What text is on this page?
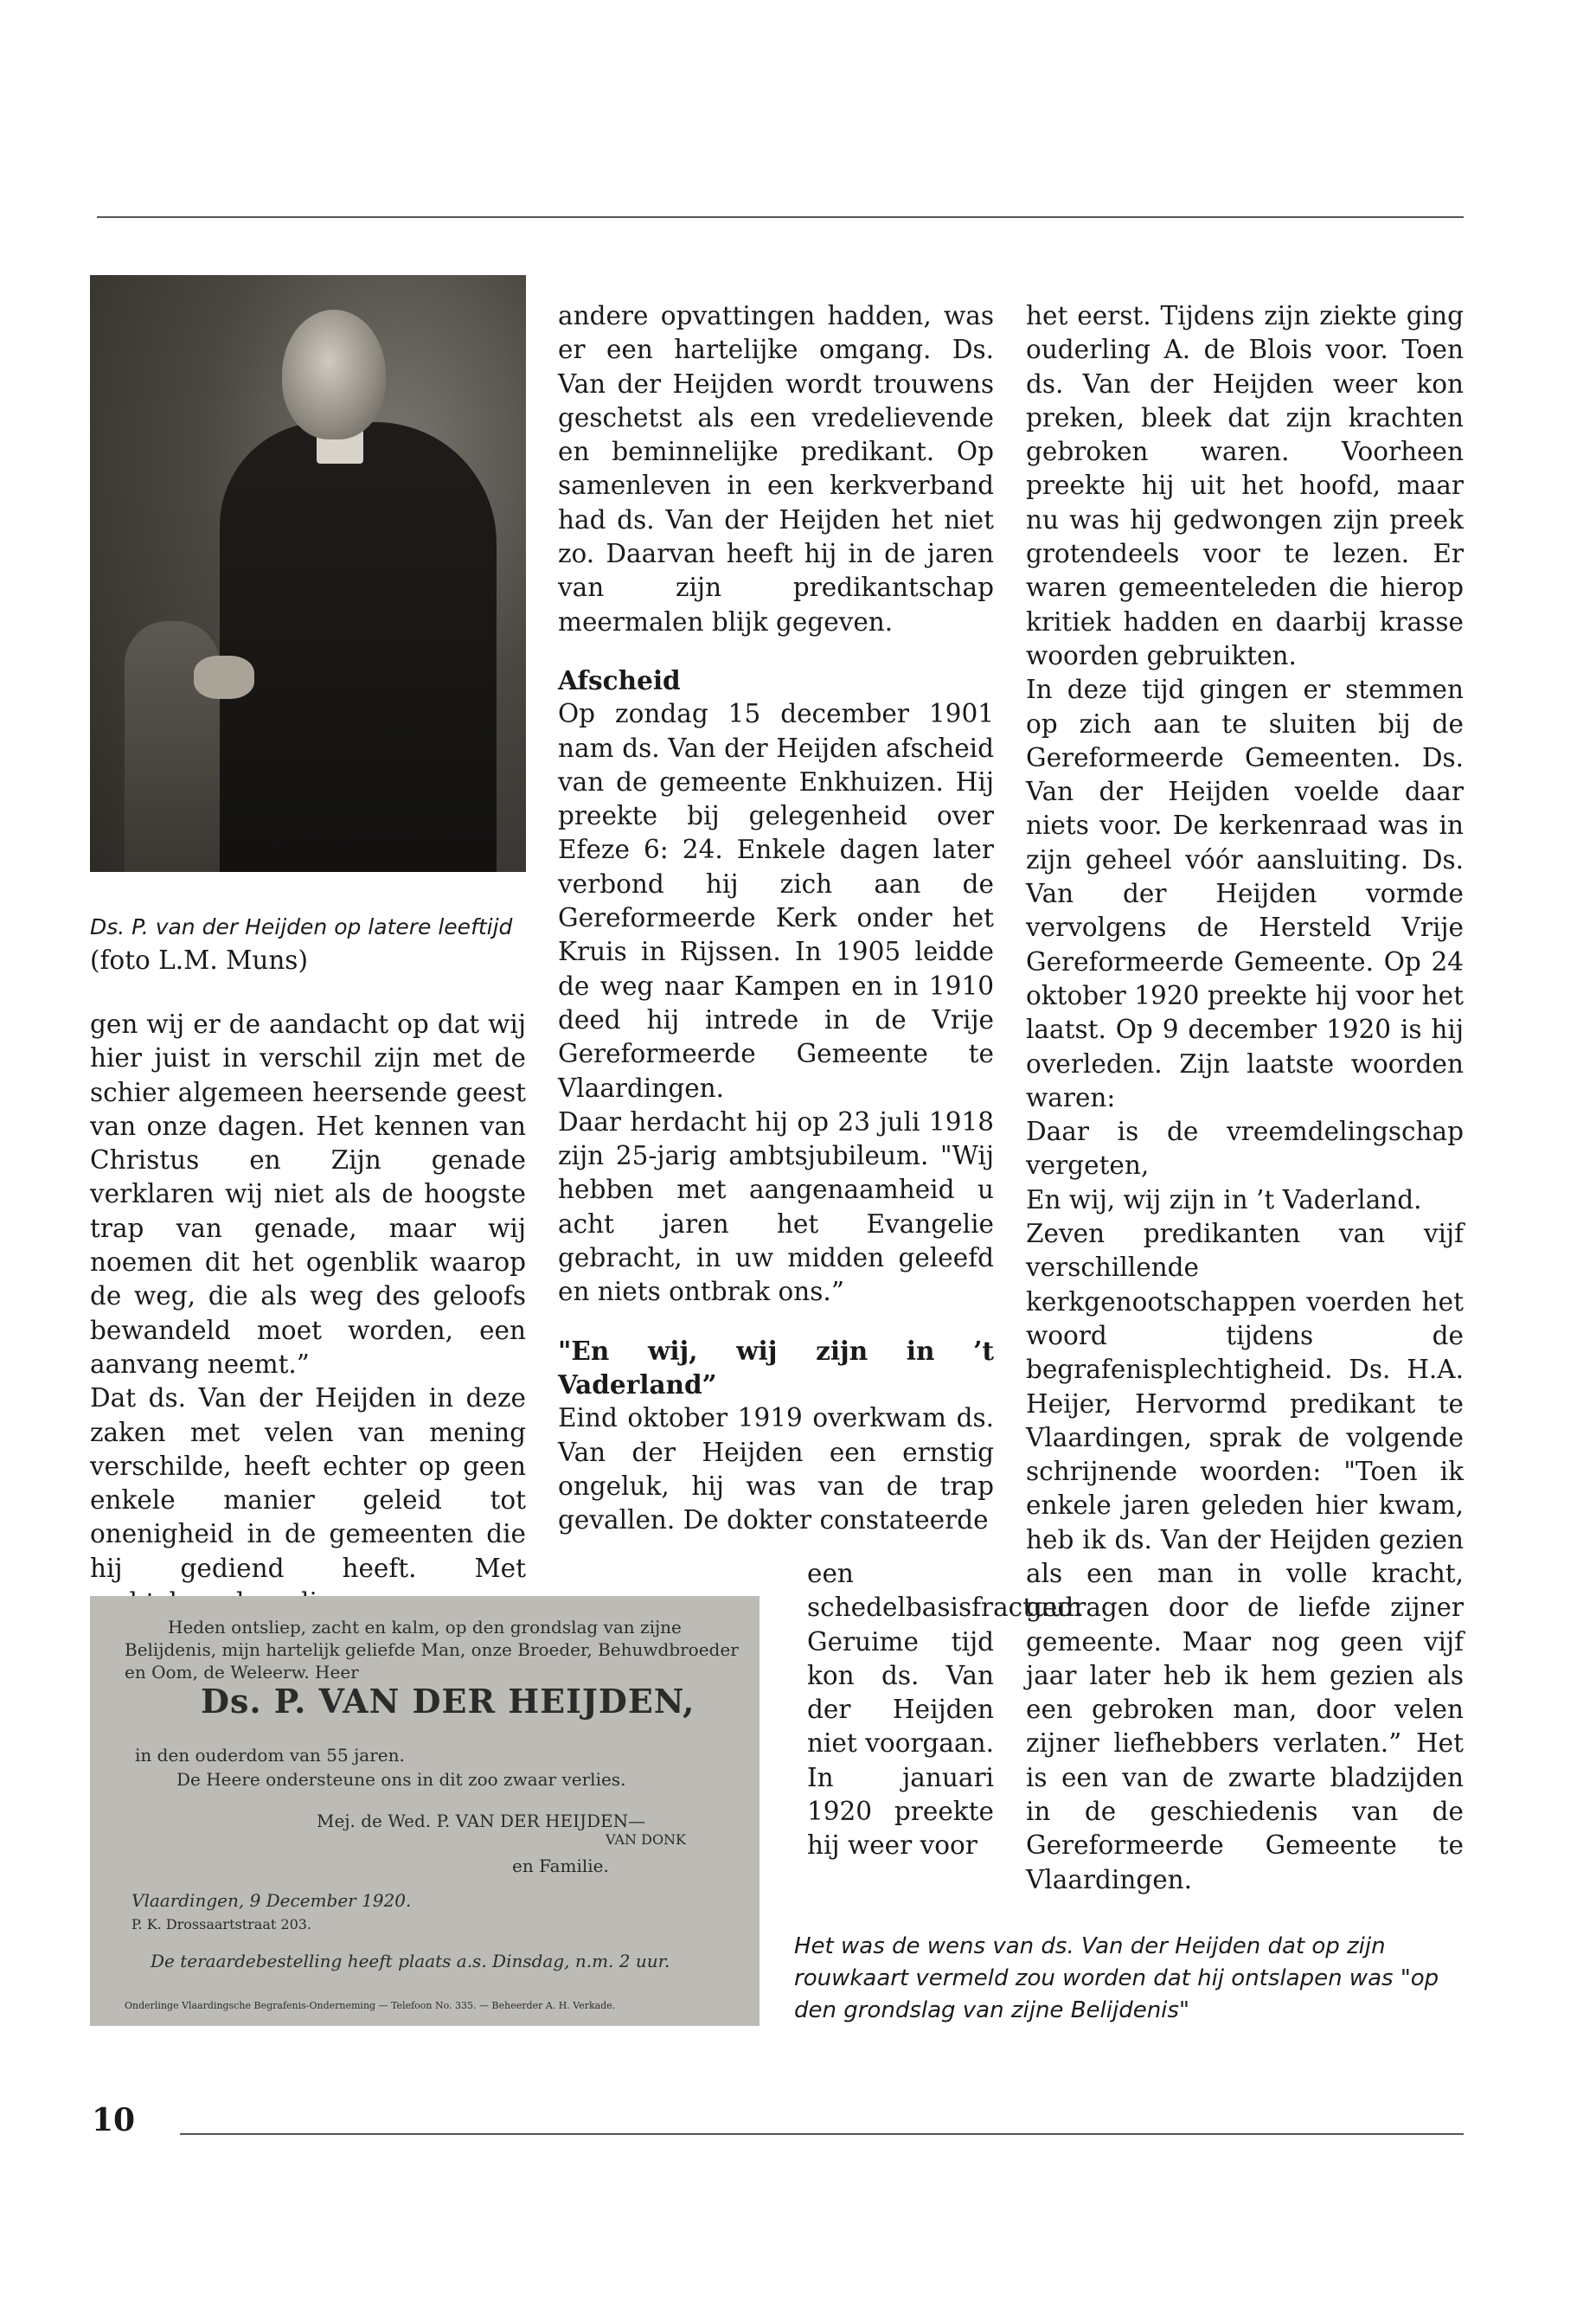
Ds. P. van der Heijden op latere leeftijd
(foto L.M. Muns)

gen wij er de aandacht op dat wij hier juist in verschil zijn met de schier algemeen heersende geest van onze dagen. Het kennen van Christus en Zijn genade verklaren wij niet als de hoogste trap van genade, maar wij noemen dit het ogenblik waarop de weg, die als weg des geloofs bewandeld moet worden, een aanvang neemt.”

Dat ds. Van der Heijden in deze zaken met velen van mening verschilde, heeft echter op geen enkele manier geleid tot onenigheid in de gemeenten die hij gediend heeft. Met

andere opvattingen hadden, was er een hartelijke omgang. Ds. Van der Heijden wordt trouwens geschetst als een vredelievende en beminnelijke predikant. Op samenleven in een kerkverband had ds. Van der Heijden het niet zo. Daarvan heeft hij in de jaren van zijn predikantschap meermalen blijk gegeven.

Afscheid

Op zondag 15 december 1901 nam ds. Van der Heijden afscheid van de gemeente Enkhuizen. Hij preekte bij gelegenheid over Efeze 6: 24. Enkele dagen later verbond hij zich aan de Gereformeerde Kerk onder het Kruis in Rijssen. In 1905 leidde de weg naar Kampen en in 1910 deed hij intrede in de Vrije Gereformeerde Gemeente te Vlaardingen.

Daar herdacht hij op 23 juli 1918 zijn 25-jarig ambtsjubileum. "Wij hebben met aangenaamheid u acht jaren het Evangelie gebracht, in uw midden geleefd en niets ontbrak ons.”

"En wij, wij zijn in ’t Vaderland”

Eind oktober 1919 overkwam ds. Van der Heijden een ernstig ongeluk, hij was van de trap gevallen. De dokter constateerde

een schedelbasisfractuur. Geruime tijd kon ds. Van der Heijden niet voorgaan. In januari 1920 preekte hij weer voor

het eerst. Tijdens zijn ziekte ging ouderling A. de Blois voor. Toen ds. Van der Heijden weer kon preken, bleek dat zijn krachten gebroken waren. Voorheen preekte hij uit het hoofd, maar nu was hij gedwongen zijn preek grotendeels voor te lezen. Er waren gemeenteleden die hierop kritiek hadden en daarbij krasse woorden gebruikten.

In deze tijd gingen er stemmen op zich aan te sluiten bij de Gereformeerde Gemeenten. Ds. Van der Heijden voelde daar niets voor. De kerkenraad was in zijn geheel vóór aansluiting. Ds. Van der Heijden vormde vervolgens de Hersteld Vrije Gereformeerde Gemeente. Op 24 oktober 1920 preekte hij voor het laatst. Op 9 december 1920 is hij overleden. Zijn laatste woorden waren:

Daar is de vreemdelingschap vergeten,

En wij, wij zijn in ’t Vaderland.

Zeven predikanten van vijf verschillende kerkgenootschappen voerden het woord tijdens de begrafenisplechtigheid. Ds. H.A. Heijer, Hervormd predikant te Vlaardingen, sprak de volgende schrijnende woorden: "Toen ik enkele jaren geleden hier kwam, heb ik ds. Van der Heijden gezien als een man in volle kracht, gedragen door de liefde zijner gemeente. Maar nog geen vijf jaar later heb ik hem gezien als een gebroken man, door velen zijner liefhebbers verlaten.” Het is een van de zwarte bladzijden in de geschiedenis van de Gereformeerde Gemeente te Vlaardingen.

Heden ontsliep, zacht en kalm, op den grondslag van zijne
Belijdenis, mijn hartelijk geliefde Man, onze Broeder, Behuwdbroeder
en Oom, de Weleerw. Heer
Ds. P. VAN DER HEIJDEN,
in den ouderdom van 55 jaren.
De Heere ondersteune ons in dit zoo zwaar verlies.
Mej. de Wed. P. VAN DER HEIJDEN—
VAN DONK
en Familie.
Vlaardingen, 9 December 1920.
P. K. Drossaartstraat 203.
De teraardebestelling heeft plaats a.s. Dinsdag, n.m. 2 uur.
Onderlinge Vlaardingsche Begrafenis-Onderneming — Telefoon No. 335. — Beheerder A. H. Verkade.
Het was de wens van ds. Van der Heijden dat op zijn rouwkaart vermeld zou worden dat hij ontslapen was "op den grondslag van zijne Belijdenis"
10
